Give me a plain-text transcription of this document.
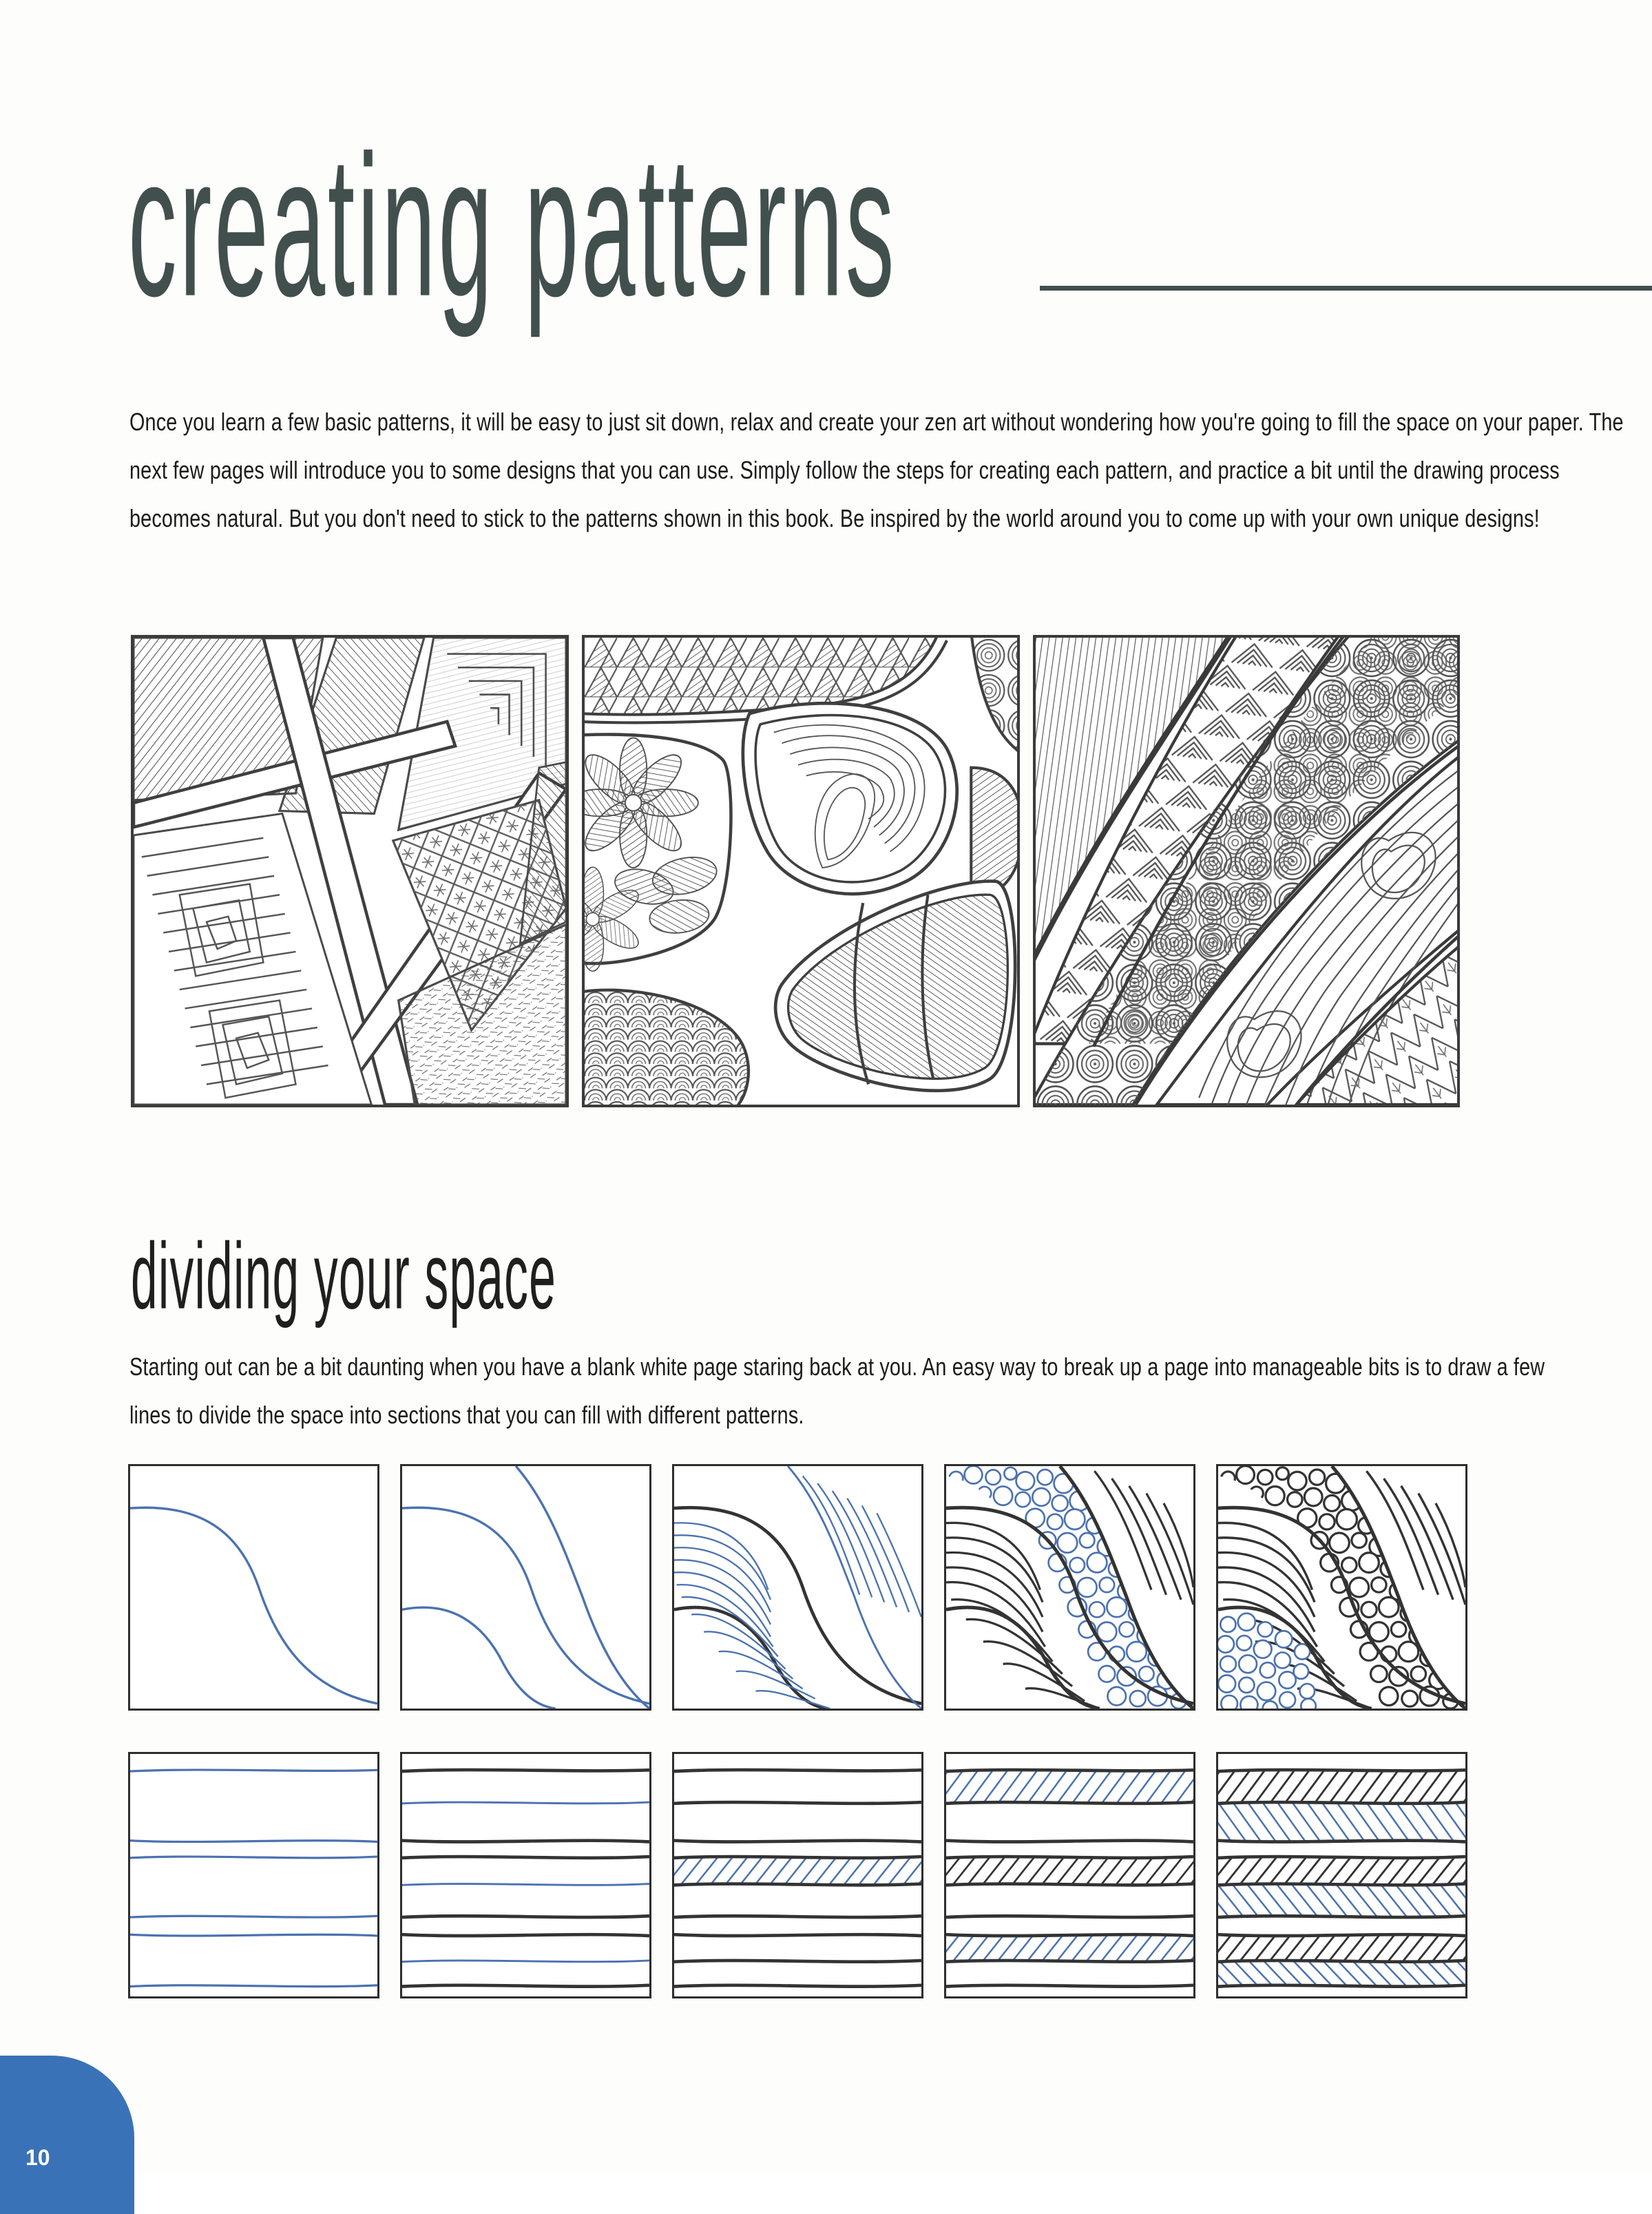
creating patterns
Once you learn a few basic patterns, it will be easy to just sit down, relax and create your zen art without wondering how you're going to fill the space on your paper. The next few pages will introduce you to some designs that you can use. Simply follow the steps for creating each pattern, and practice a bit until the drawing process becomes natural. But you don't need to stick to the patterns shown in this book. Be inspired by the world around you to come up with your own unique designs!
dividing your space
Starting out can be a bit daunting when you have a blank white page staring back at you. An easy way to break up a page into manageable bits is to draw a few lines to divide the space into sections that you can fill with different patterns.
10
